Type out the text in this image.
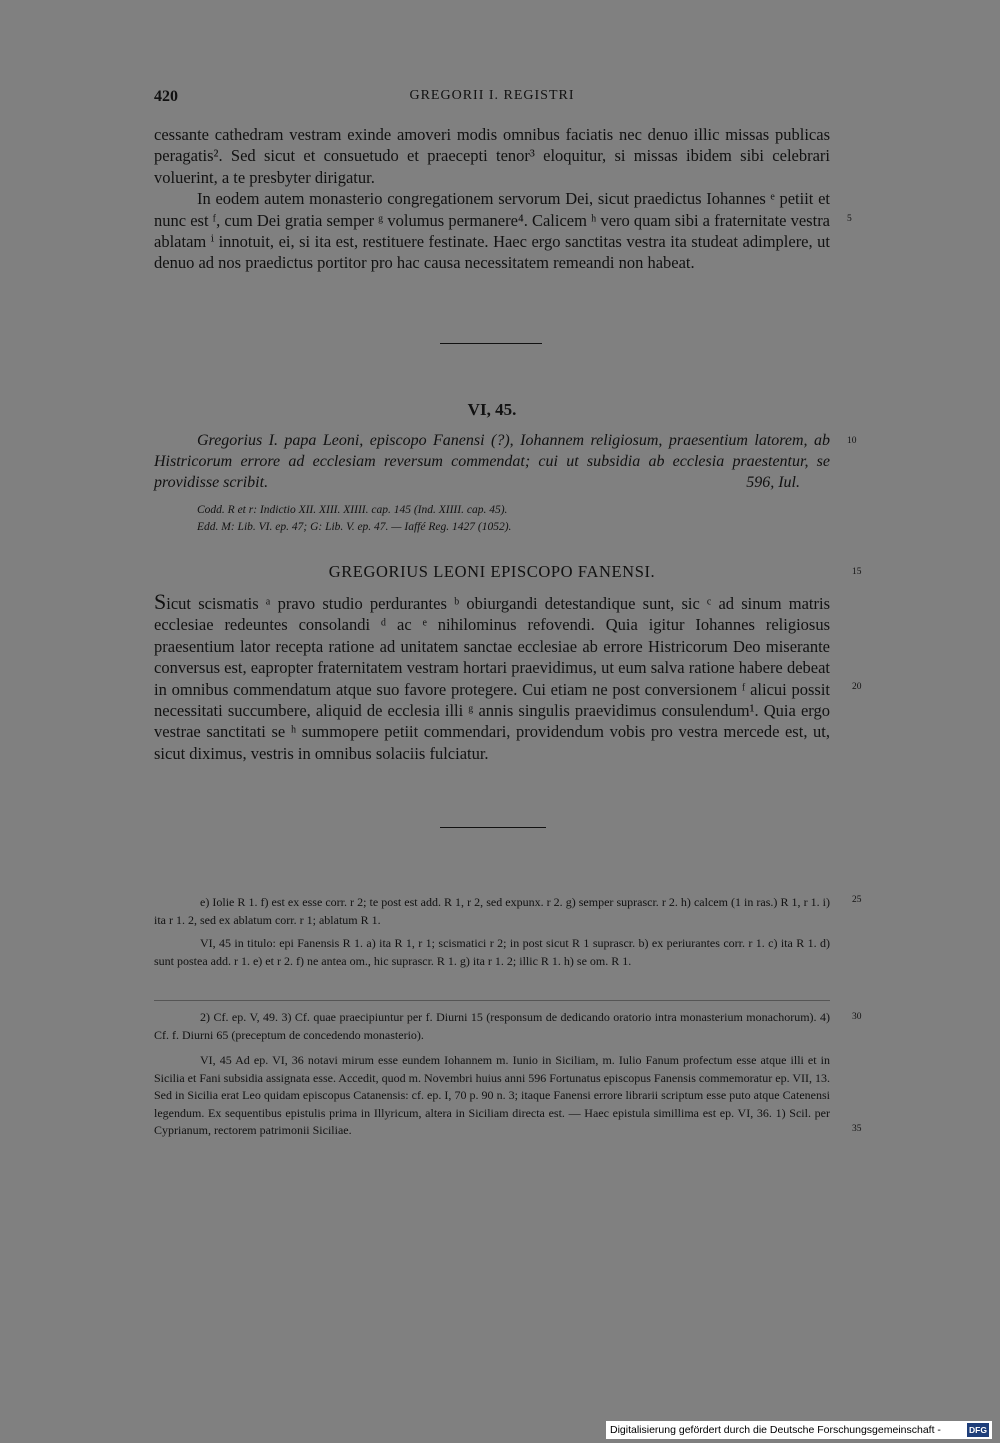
420	GREGORII I. REGISTRI

cessante cathedram vestram exinde amoveri modis omnibus faciatis nec denuo illic missas publicas peragatis². Sed sicut et consuetudo et praecepti tenor³ eloquitur, si missas ibidem sibi celebrari voluerint, a te presbyter dirigatur.

In eodem autem monasterio congregationem servorum Dei, sicut praedictus Iohannes ᵉ petiit et nunc est ᶠ, cum Dei gratia semper ᵍ volumus permanere⁴. Calicem ʰ vero quam sibi a fraternitate vestra ablatam ⁱ innotuit, ei, si ita est, restituere festinate. Haec ergo sanctitas vestra ita studeat adimplere, ut denuo ad nos praedictus portitor pro hac causa necessitatem remeandi non habeat.

VI, 45.
Gregorius I. papa Leoni, episcopo Fanensi (?), Iohannem religiosum, praesentium latorem, ab Histricorum errore ad ecclesiam reversum commendat; cui ut subsidia ab ecclesia praestentur, se providisse scribit.	596, Iul.
Codd. R et r: Indictio XII. XIII. XIIII. cap. 145 (Ind. XIIII. cap. 45).
Edd. M: Lib. VI. ep. 47; G: Lib. V. ep. 47. — Iaffé Reg. 1427 (1052).
GREGORIUS LEONI EPISCOPO FANENSI.

Sicut scismatis ᵃ pravo studio perdurantes ᵇ obiurgandi detestandique sunt, sic ᶜ ad sinum matris ecclesiae redeuntes consolandi ᵈ ac ᵉ nihilominus refovendi. Quia igitur Iohannes religiosus praesentium lator recepta ratione ad unitatem sanctae ecclesiae ab errore Histricorum Deo miserante conversus est, eapropter fraternitatem vestram hortari praevidimus, ut eum salva ratione habere debeat in omnibus commendatum atque suo favore protegere. Cui etiam ne post conversionem ᶠ alicui possit necessitati succumbere, aliquid de ecclesia illi ᵍ annis singulis praevidimus consulendum¹. Quia ergo vestrae sanctitati se ʰ summopere petiit commendari, providendum vobis pro vestra mercede est, ut, sicut diximus, vestris in omnibus solaciis fulciatur.

e) Iolie R 1. f) est ex esse corr. r 2; te post est add. R 1, r 2, sed expunx. r 2. g) semper suprascr. r 2. h) calcem (1 in ras.) R 1, r 1. i) ita r 1. 2, sed ex ablatum corr. r 1; ablatum R 1.

VI, 45 in titulo: epi Fanensis R 1. a) ita R 1, r 1; scismatici r 2; in post sicut R 1 suprascr. b) ex periurantes corr. r 1. c) ita R 1. d) sunt postea add. r 1. e) et r 2. f) ne antea om., hic suprascr. R 1. g) ita r 1. 2; illic R 1. h) se om. R 1.

2) Cf. ep. V, 49. 3) Cf. quae praecipiuntur per f. Diurni 15 (responsum de dedicando oratorio intra monasterium monachorum). 4) Cf. f. Diurni 65 (preceptum de concedendo monasterio).

VI, 45 Ad ep. VI, 36 notavi mirum esse eundem Iohannem m. Iunio in Siciliam, m. Iulio Fanum profectum esse atque illi et in Sicilia et Fani subsidia assignata esse. Accedit, quod m. Novembri huius anni 596 Fortunatus episcopus Fanensis commemoratur ep. VII, 13. Sed in Sicilia erat Leo quidam episcopus Catanensis: cf. ep. I, 70 p. 90 n. 3; itaque Fanensi errore librarii scriptum esse puto atque Catenensi legendum. Ex sequentibus epistulis prima in Illyricum, altera in Siciliam directa est. — Haec epistula simillima est ep. VI, 36. 1) Scil. per Cyprianum, rectorem patrimonii Siciliae.

5
10
15
20
25
30
35
Digitalisierung gefördert durch die Deutsche Forschungsgemeinschaft -	DFG
